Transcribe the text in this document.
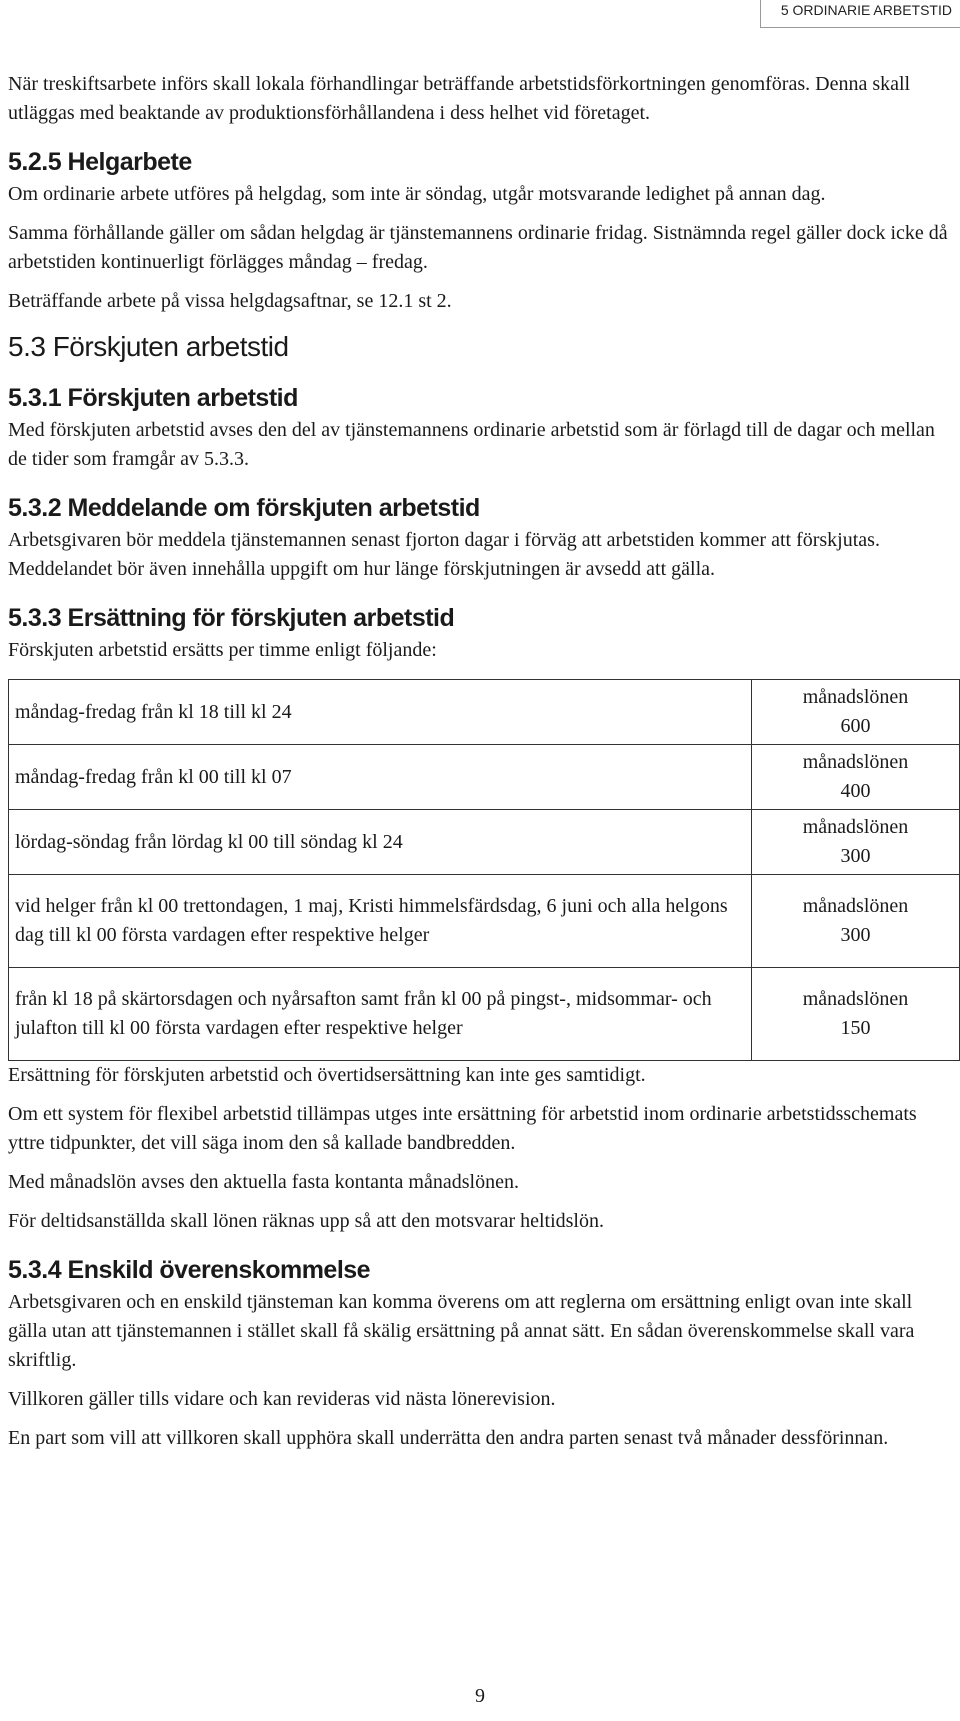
5 ORDINARIE ARBETSTID

När treskiftsarbete införs skall lokala förhandlingar beträffande arbetstidsförkortningen genomföras. Denna skall utläggas med beaktande av produktionsförhållandena i dess helhet vid företaget.

5.2.5 Helgarbete

Om ordinarie arbete utföres på helgdag, som inte är söndag, utgår motsvarande ledighet på annan dag.

Samma förhållande gäller om sådan helgdag är tjänstemannens ordinarie fridag. Sistnämnda regel gäller dock icke då arbetstiden kontinuerligt förlägges måndag – fredag.

Beträffande arbete på vissa helgdagsaftnar, se 12.1 st 2.

5.3 Förskjuten arbetstid
5.3.1 Förskjuten arbetstid

Med förskjuten arbetstid avses den del av tjänstemannens ordinarie arbetstid som är förlagd till de dagar och mellan de tider som framgår av 5.3.3.

5.3.2 Meddelande om förskjuten arbetstid

Arbetsgivaren bör meddela tjänstemannen senast fjorton dagar i förväg att arbetstiden kommer att förskjutas. Meddelandet bör även innehålla uppgift om hur länge förskjutningen är avsedd att gälla.

5.3.3 Ersättning för förskjuten arbetstid

Förskjuten arbetstid ersätts per timme enligt följande:

måndag-fredag från kl 18 till kl 24	månadslönen
600

måndag-fredag från kl 00 till kl 07	månadslönen
400

lördag-söndag från lördag kl 00 till söndag kl 24	månadslönen
300

vid helger från kl 00 trettondagen, 1 maj, Kristi himmelsfärdsdag, 6 juni och alla helgons dag till kl 00 första vardagen efter respektive helger	månadslönen
300

från kl 18 på skärtorsdagen och nyårsafton samt från kl 00 på pingst-, midsommar- och julafton till kl 00 första vardagen efter respektive helger	månadslönen
150

Ersättning för förskjuten arbetstid och övertidsersättning kan inte ges samtidigt.

Om ett system för flexibel arbetstid tillämpas utges inte ersättning för arbetstid inom ordinarie arbetstidsschemats yttre tidpunkter, det vill säga inom den så kallade bandbredden.

Med månadslön avses den aktuella fasta kontanta månadslönen.

För deltidsanställda skall lönen räknas upp så att den motsvarar heltidslön.

5.3.4 Enskild överenskommelse

Arbetsgivaren och en enskild tjänsteman kan komma överens om att reglerna om ersättning enligt ovan inte skall gälla utan att tjänstemannen i stället skall få skälig ersättning på annat sätt. En sådan överenskommelse skall vara skriftlig.

Villkoren gäller tills vidare och kan revideras vid nästa lönerevision.

En part som vill att villkoren skall upphöra skall underrätta den andra parten senast två månader dessförinnan.

9
